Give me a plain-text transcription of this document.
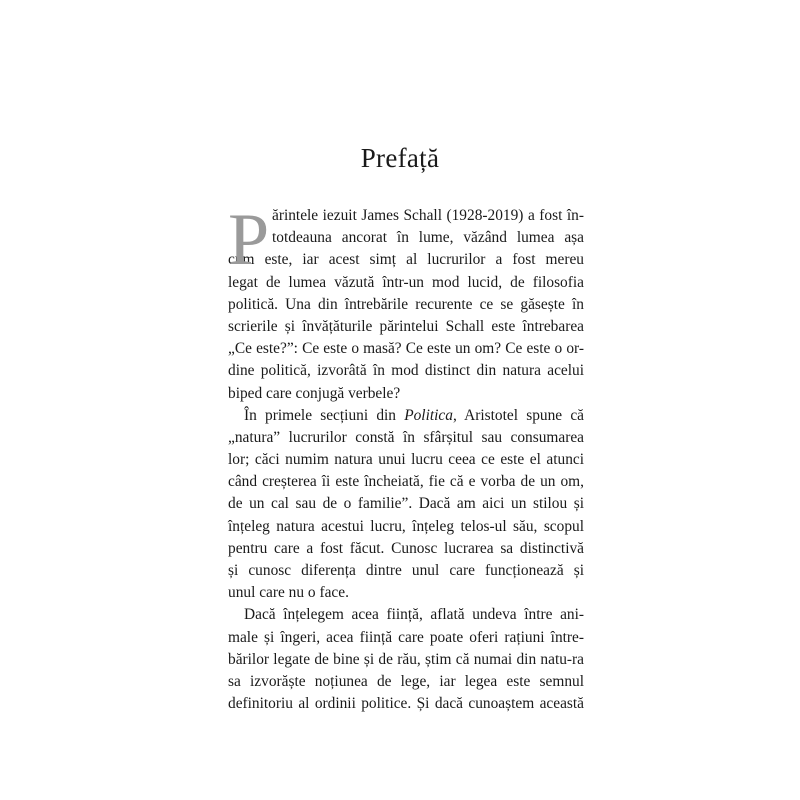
Prefață
P ărintele iezuit James Schall (1928-2019) a fost în-
totdeauna ancorat în lume, văzând lumea așa
cum este, iar acest simț al lucrurilor a fost mereu
legat de lumea văzută într-un mod lucid, de filosofia
politică. Una din întrebările recurente ce se găsește în
scrierile și învățăturile părintelui Schall este întrebarea
„Ce este?”: Ce este o masă? Ce este un om? Ce este o or-
dine politică, izvorâtă în mod distinct din natura acelui
biped care conjugă verbele?
În primele secțiuni din Politica, Aristotel spune că
„natura” lucrurilor constă în sfârșitul sau consumarea
lor; căci numim natura unui lucru ceea ce este el atunci
când creșterea îi este încheiată, fie că e vorba de un om,
de un cal sau de o familie”. Dacă am aici un stilou și
înțeleg natura acestui lucru, înțeleg telos-ul său, scopul
pentru care a fost făcut. Cunosc lucrarea sa distinctivă
și cunosc diferența dintre unul care funcționează și
unul care nu o face.
Dacă înțelegem acea ființă, aflată undeva între ani-
male și îngeri, acea ființă care poate oferi rațiuni între-
bărilor legate de bine și de rău, știm că numai din natu-ra
sa izvorăște noțiunea de lege, iar legea este semnul
definitoriu al ordinii politice. Și dacă cunoaștem această
